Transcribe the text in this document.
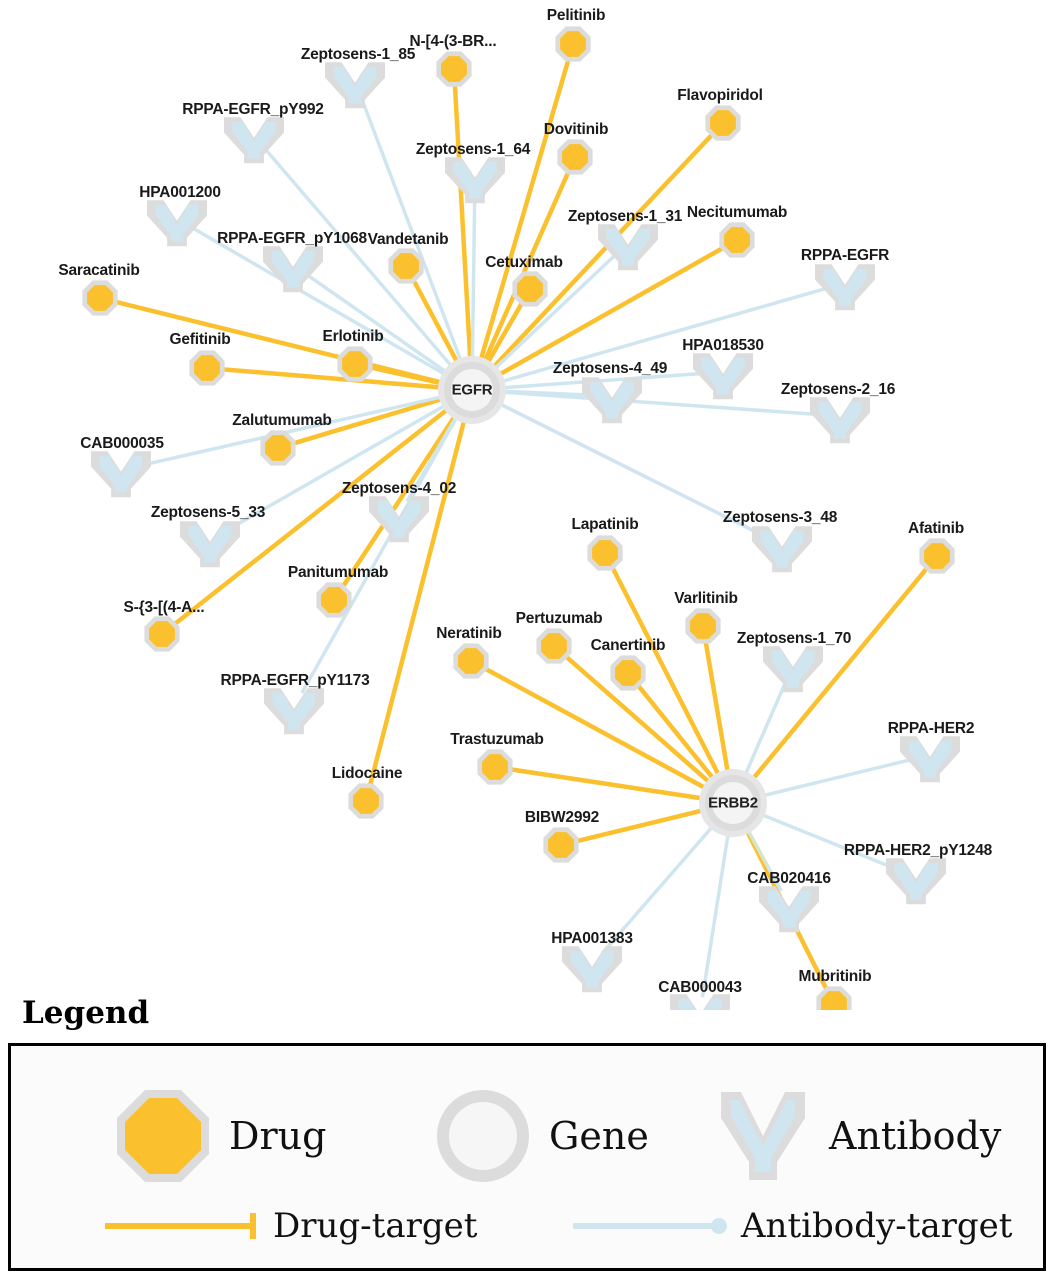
Zeptosens-1_85
RPPA-EGFR_pY992
Zeptosens-1_64
HPA001200
Zeptosens-1_31
RPPA-EGFR_pY1068
RPPA-EGFR
HPA018530
Zeptosens-4_49
Zeptosens-2_16
CAB000035
Zeptosens-4_02
Zeptosens-5_33	Zeptosens-3_48
Zeptosens-1_70
RPPA-EGFR_pY1173
RPPA-HER2
RPPA-HER2_pY1248
CAB020416
HPA001383
CAB000043
Pelitinib
N-[4-(3-BR...
Flavopiridol
Dovitinib
Necitumumab
Vandetanib
Cetuximab
Saracatinib
Erlotinib
Gefitinib
Zalutumumab
Lapatinib	Afatinib
Panitumumab
S-{3-[(4-A...
Varlitinib
Pertuzumab
Neratinib
Canertinib
Trastuzumab
Lidocaine
BIBW2992
Mubritinib
EGFR
ERBB2
Legend
Drug	Gene	Antibody
Drug-target	Antibody-target
